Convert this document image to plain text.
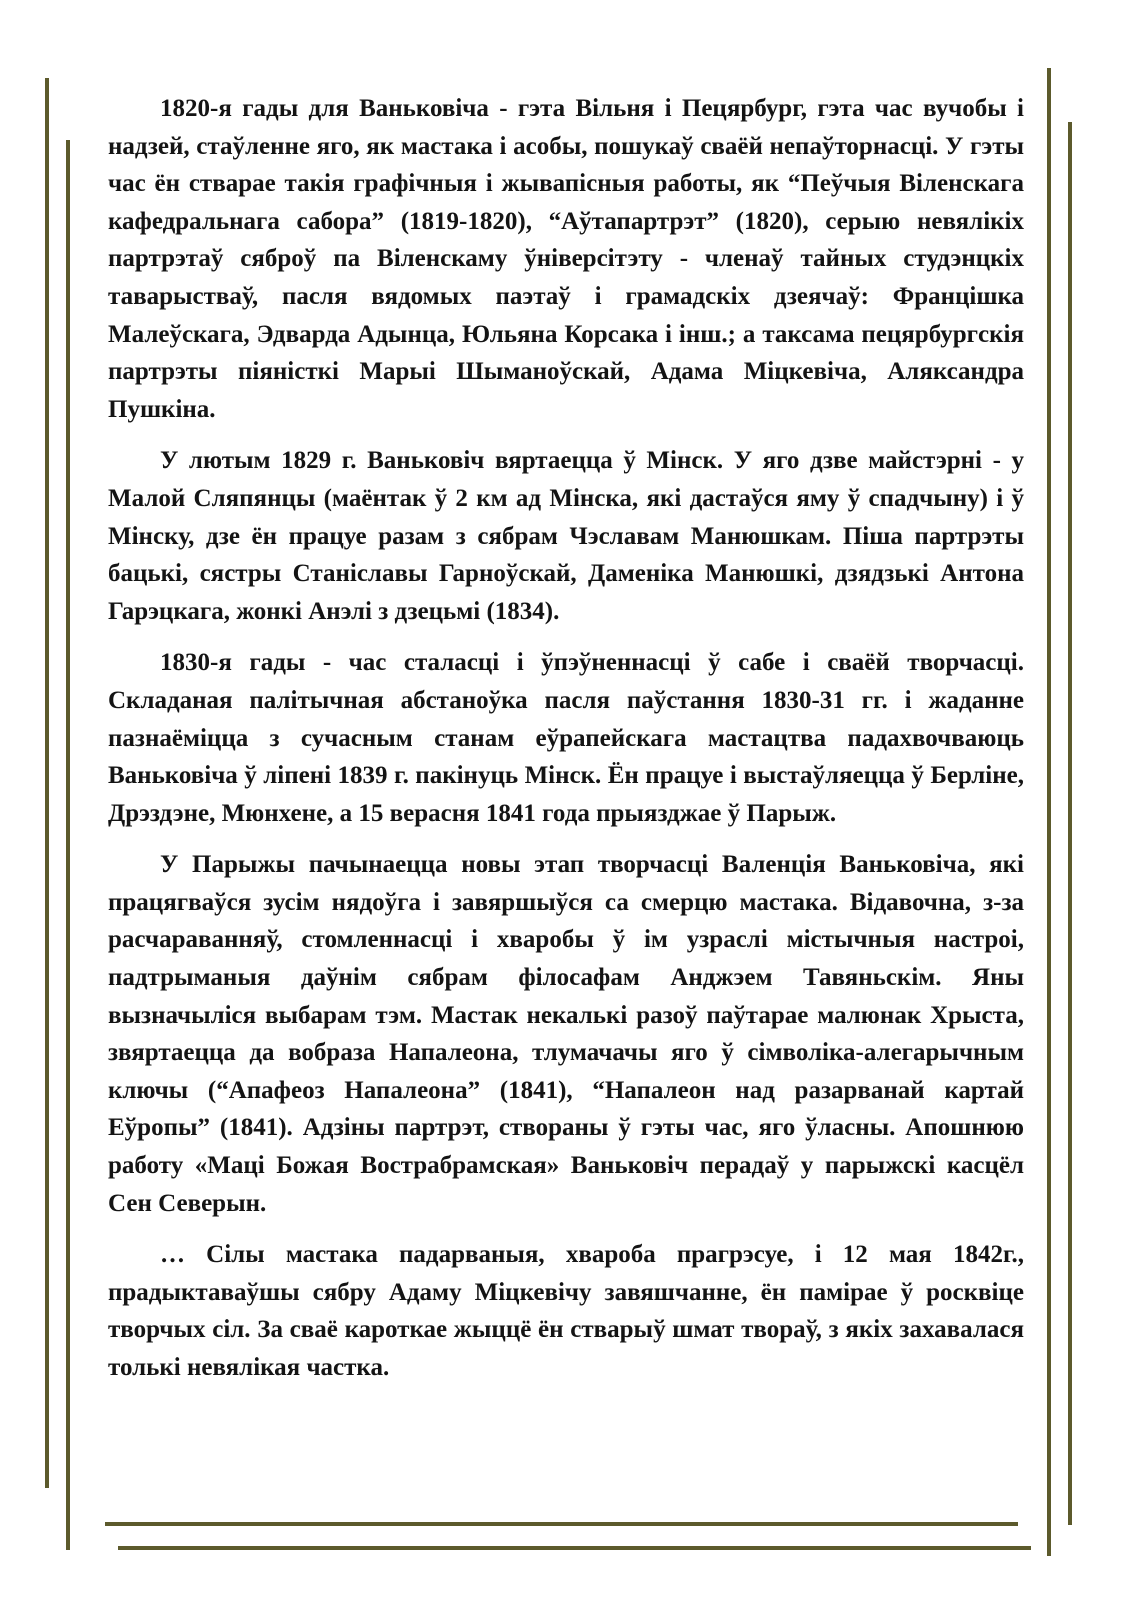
1820-я гады для Ваньковіча - гэта Вільня і Пецярбург, гэта час вучобы і надзей, стаўленне яго, як мастака і асобы, пошукаў сваёй непаўторнасці. У гэты час ён стварае такія графічныя і жывапісныя работы, як “Пеўчыя Віленскага кафедральнага сабора” (1819-1820), “Аўтапартрэт” (1820), серыю невялікіх партрэтаў сяброў па Віленскаму ўніверсітэту - членаў тайных студэнцкіх таварыстваў, пасля вядомых паэтаў і грамадскіх дзеячаў: Францішка Малеўскага, Эдварда Адынца, Юльяна Корсака і інш.; а таксама пецярбургскія партрэты піяністкі Марыі Шыманоўскай, Адама Міцкевіча, Аляксандра Пушкіна.

У лютым 1829 г. Ваньковіч вяртаецца ў Мінск. У яго дзве майстэрні - у Малой Сляпянцы (маёнтак ў 2 км ад Мінска, які дастаўся яму ў спадчыну) і ў Мінску, дзе ён працуе разам з сябрам Чэславам Манюшкам. Піша партрэты бацькі, сястры Станіславы Гарноўскай, Даменіка Манюшкі, дзядзькі Антона Гарэцкага, жонкі Анэлі з дзецьмі (1834).

1830-я гады - час сталасці і ўпэўненнасці ў сабе і сваёй творчасці. Складаная палітычная абстаноўка пасля паўстання 1830-31 гг. і жаданне пазнаёміцца з сучасным станам еўрапейскага мастацтва падахвочваюць Ваньковіча ў ліпені 1839 г. пакінуць Мінск. Ён працуе і выстаўляецца ў Берліне, Дрэздэне, Мюнхене, а 15 верасня 1841 года прыязджае ў Парыж.

У Парыжы пачынаецца новы этап творчасці Валенція Ваньковіча, які працягваўся зусім нядоўга і завяршыўся са смерцю мастака. Відавочна, з-за расчараванняў, стомленнасці і хваробы ў ім узраслі містычныя настроі, падтрыманыя даўнім сябрам філосафам Анджэем Тавяньскім. Яны вызначыліся выбарам тэм. Мастак некалькі разоў паўтарае малюнак Хрыста, звяртаецца да вобраза Напалеона, тлумачачы яго ў сімволіка-алегарычным ключы (“Апафеоз Напалеона” (1841), “Напалеон над разарванай картай Еўропы” (1841). Адзіны партрэт, створаны ў гэты час, яго ўласны. Апошнюю работу «Маці Божая Вострабрамская» Ваньковіч перадаў у парыжскі касцёл Сен Северын.

… Сілы мастака падарваныя, хвароба прагрэсуе, і 12 мая 1842г., прадыктаваўшы сябру Адаму Міцкевічу завяшчанне, ён паміраe ў росквіце творчых сіл. За сваё кароткае жыццё ён стварыў шмат твораў, з якіх захавалася толькі невялікая частка.
